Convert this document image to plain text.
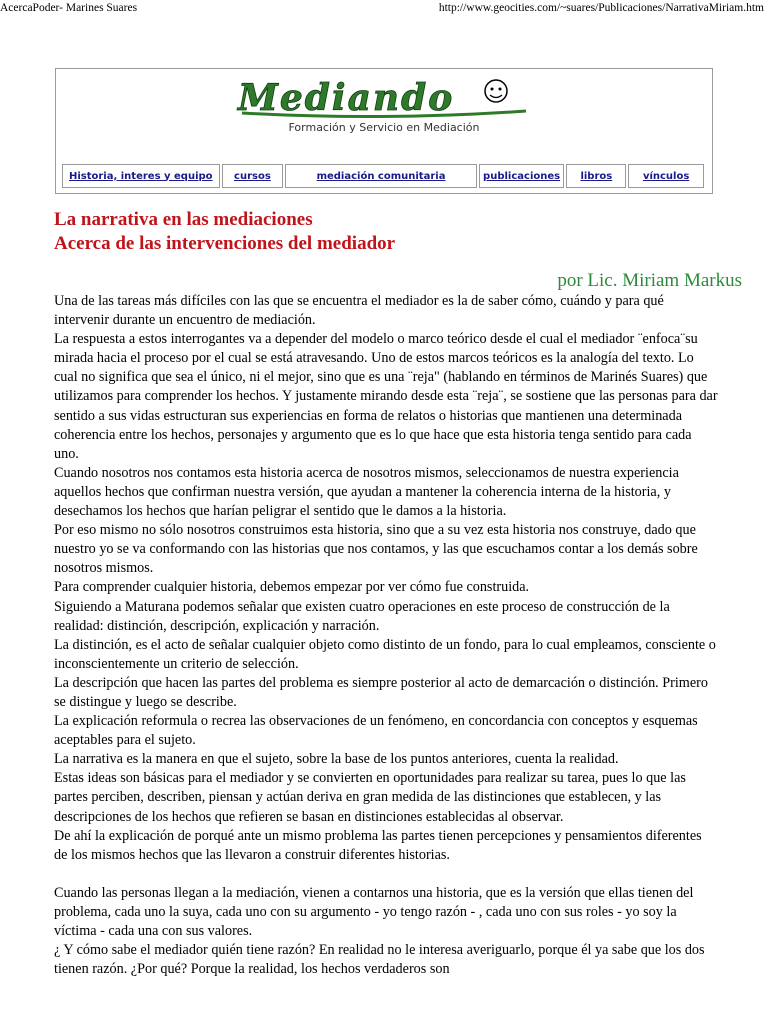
AcercaPoder- Marines Suares	http://www.geocities.com/~suares/Publicaciones/NarrativaMiriam.htm
Mediando
Formación y Servicio en Mediación
Historia, interes y equipo	cursos	mediación comunitaria	publicaciones	libros	vínculos
La narrativa en las mediaciones
Acerca de las intervenciones del mediador
por Lic. Miriam Markus

Una de las tareas más difíciles con las que se encuentra el mediador es la de saber cómo, cuándo y para qué intervenir durante un encuentro de mediación.

La respuesta a estos interrogantes va a depender del modelo o marco teórico desde el cual el mediador ¨enfoca¨su mirada hacia el proceso por el cual se está atravesando. Uno de estos marcos teóricos es la analogía del texto. Lo cual no significa que sea el único, ni el mejor, sino que es una ¨reja" (hablando en términos de Marinés Suares) que utilizamos para comprender los hechos. Y justamente mirando desde esta ¨reja¨, se sostiene que las personas para dar sentido a sus vidas estructuran sus experiencias en forma de relatos o historias que mantienen una determinada coherencia entre los hechos, personajes y argumento que es lo que hace que esta historia tenga sentido para cada uno.

Cuando nosotros nos contamos esta historia acerca de nosotros mismos, seleccionamos de nuestra experiencia aquellos hechos que confirman nuestra versión, que ayudan a mantener la coherencia interna de la historia, y desechamos los hechos que harían peligrar el sentido que le damos a la historia.

Por eso mismo no sólo nosotros construimos esta historia, sino que a su vez esta historia nos construye, dado que nuestro yo se va conformando con las historias que nos contamos, y las que escuchamos contar a los demás sobre nosotros mismos.

Para comprender cualquier historia, debemos empezar por ver cómo fue construida.

Siguiendo a Maturana podemos señalar que existen cuatro operaciones en este proceso de construcción de la realidad: distinción, descripción, explicación y narración.

La distinción, es el acto de señalar cualquier objeto como distinto de un fondo, para lo cual empleamos, consciente o inconscientemente un criterio de selección.

La descripción que hacen las partes del problema es siempre posterior al acto de demarcación o distinción. Primero se distingue y luego se describe.

La explicación reformula o recrea las observaciones de un fenómeno, en concordancia con conceptos y esquemas aceptables para el sujeto.

La narrativa es la manera en que el sujeto, sobre la base de los puntos anteriores, cuenta la realidad.

Estas ideas son básicas para el mediador y se convierten en oportunidades para realizar su tarea, pues lo que las partes perciben, describen, piensan y actúan deriva en gran medida de las distinciones que establecen, y las descripciones de los hechos que refieren se basan en distinciones establecidas al observar.

De ahí la explicación de porqué ante un mismo problema las partes tienen percepciones y pensamientos diferentes de los mismos hechos que las llevaron a construir diferentes historias.

Cuando las personas llegan a la mediación, vienen a contarnos una historia, que es la versión que ellas tienen del problema, cada uno la suya, cada uno con su argumento - yo tengo razón - , cada uno con sus roles - yo soy la víctima - cada una con sus valores.

¿ Y cómo sabe el mediador quién tiene razón? En realidad no le interesa averiguarlo, porque él ya sabe que los dos tienen razón. ¿Por qué? Porque la realidad, los hechos verdaderos son
